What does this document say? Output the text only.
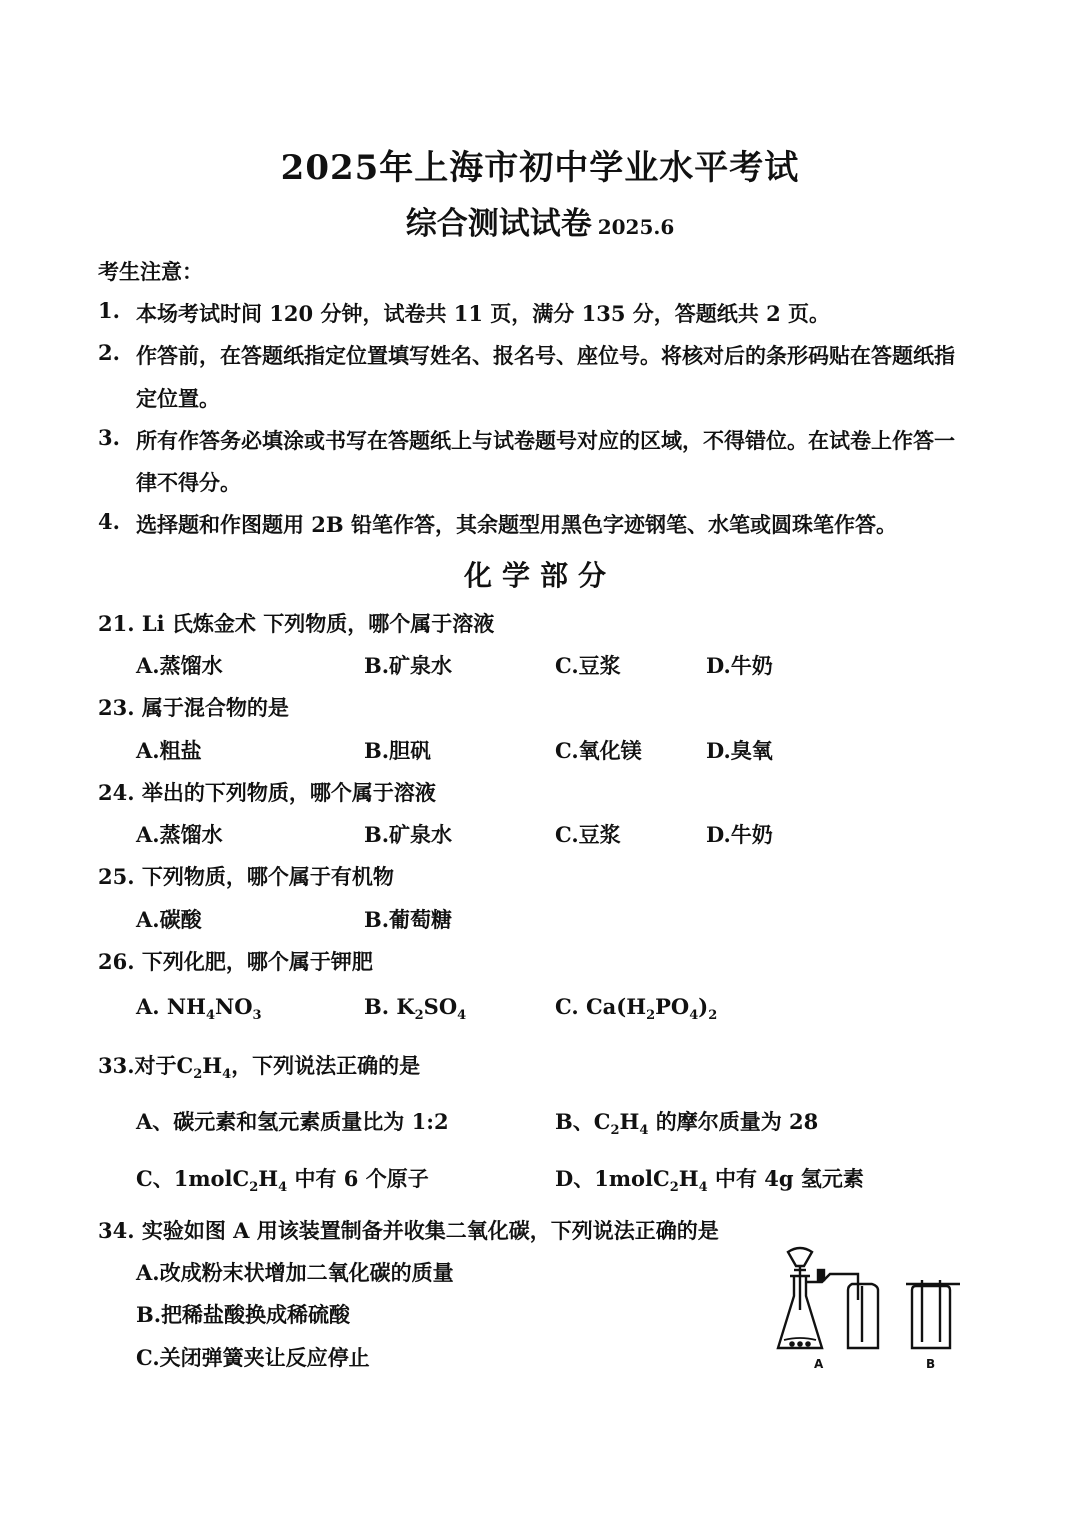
2025年上海市初中学业水平考试
综合测试试卷 2025.6
考生注意：
1. 本场考试时间 120 分钟，试卷共 11 页，满分 135 分，答题纸共 2 页。
2. 作答前，在答题纸指定位置填写姓名、报名号、座位号。将核对后的条形码贴在答题纸指
定位置。
3. 所有作答务必填涂或书写在答题纸上与试卷题号对应的区域，不得错位。在试卷上作答一
律不得分。
4. 选择题和作图题用 2B 铅笔作答，其余题型用黑色字迹钢笔、水笔或圆珠笔作答。
化学部分
21. Li 氏炼金术 下列物质，哪个属于溶液
A.蒸馏水	B.矿泉水	C.豆浆	D.牛奶
23. 属于混合物的是
A.粗盐	B.胆矾	C.氧化镁	D.臭氧
24. 举出的下列物质，哪个属于溶液
A.蒸馏水	B.矿泉水	C.豆浆	D.牛奶
25. 下列物质，哪个属于有机物
A.碳酸	B.葡萄糖
26. 下列化肥，哪个属于钾肥
A. $NH_4NO_3$	B. $K_2SO_4$	C. $Ca(H_2PO_4)_2$
33.对于$C_2H_4$，下列说法正确的是
A、碳元素和氢元素质量比为 1:2	B、$C_2H_4$ 的摩尔质量为 28
C、$1molC_2H_4$ 中有 6 个原子	D、$1molC_2H_4$ 中有 4g 氢元素
34. 实验如图 A 用该装置制备并收集二氧化碳，下列说法正确的是
A.改成粉末状增加二氧化碳的质量
B.把稀盐酸换成稀硫酸
C.关闭弹簧夹让反应停止	A	B
